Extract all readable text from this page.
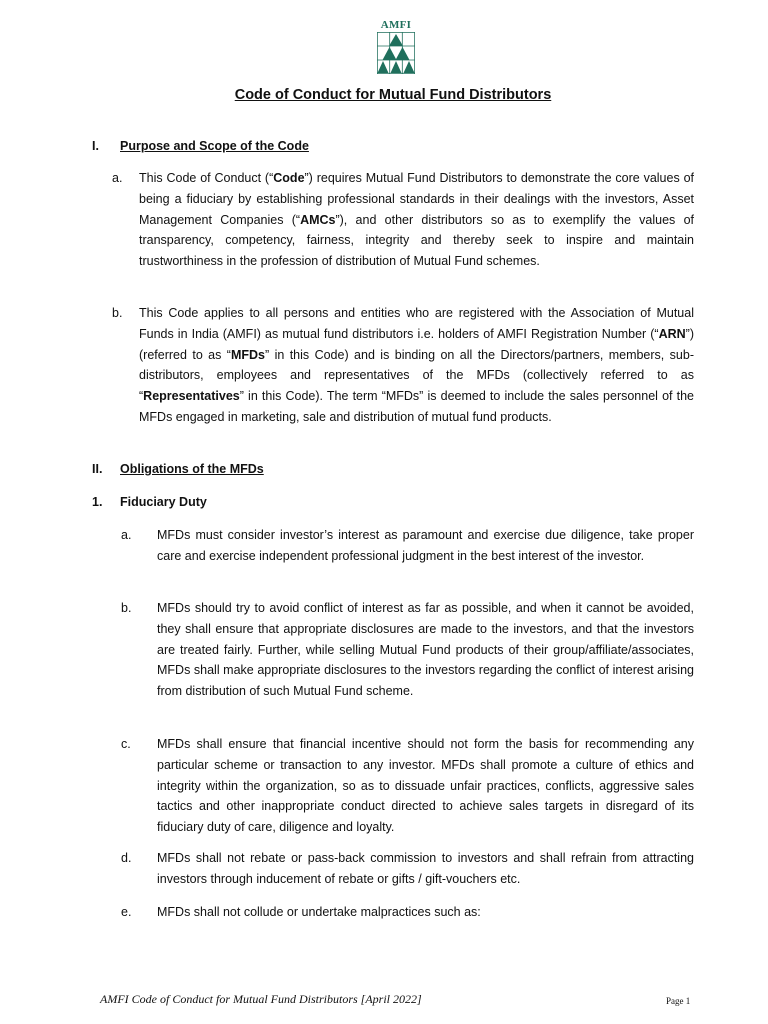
AMFI
Code of Conduct for Mutual Fund Distributors
I. Purpose and Scope of the Code
a. This Code of Conduct (“Code”) requires Mutual Fund Distributors to demonstrate the core values of being a fiduciary by establishing professional standards in their dealings with the investors, Asset Management Companies (“AMCs”), and other distributors so as to exemplify the values of transparency, competency, fairness, integrity and thereby seek to inspire and maintain trustworthiness in the profession of distribution of Mutual Fund schemes.
b. This Code applies to all persons and entities who are registered with the Association of Mutual Funds in India (AMFI) as mutual fund distributors i.e. holders of AMFI Registration Number (“ARN”) (referred to as “MFDs” in this Code) and is binding on all the Directors/partners, members, sub-distributors, employees and representatives of the MFDs (collectively referred to as “Representatives” in this Code). The term “MFDs” is deemed to include the sales personnel of the MFDs engaged in marketing, sale and distribution of mutual fund products.
II. Obligations of the MFDs
1. Fiduciary Duty
a. MFDs must consider investor’s interest as paramount and exercise due diligence, take proper care and exercise independent professional judgment in the best interest of the investor.
b. MFDs should try to avoid conflict of interest as far as possible, and when it cannot be avoided, they shall ensure that appropriate disclosures are made to the investors, and that the investors are treated fairly. Further, while selling Mutual Fund products of their group/affiliate/associates, MFDs shall make appropriate disclosures to the investors regarding the conflict of interest arising from distribution of such Mutual Fund scheme.
c. MFDs shall ensure that financial incentive should not form the basis for recommending any particular scheme or transaction to any investor. MFDs shall promote a culture of ethics and integrity within the organization, so as to dissuade unfair practices, conflicts, aggressive sales tactics and other inappropriate conduct directed to achieve sales targets in disregard of its fiduciary duty of care, diligence and loyalty.
d. MFDs shall not rebate or pass-back commission to investors and shall refrain from attracting investors through inducement of rebate or gifts / gift-vouchers etc.
e. MFDs shall not collude or undertake malpractices such as:
AMFI Code of Conduct for Mutual Fund Distributors [April 2022]	Page 1
